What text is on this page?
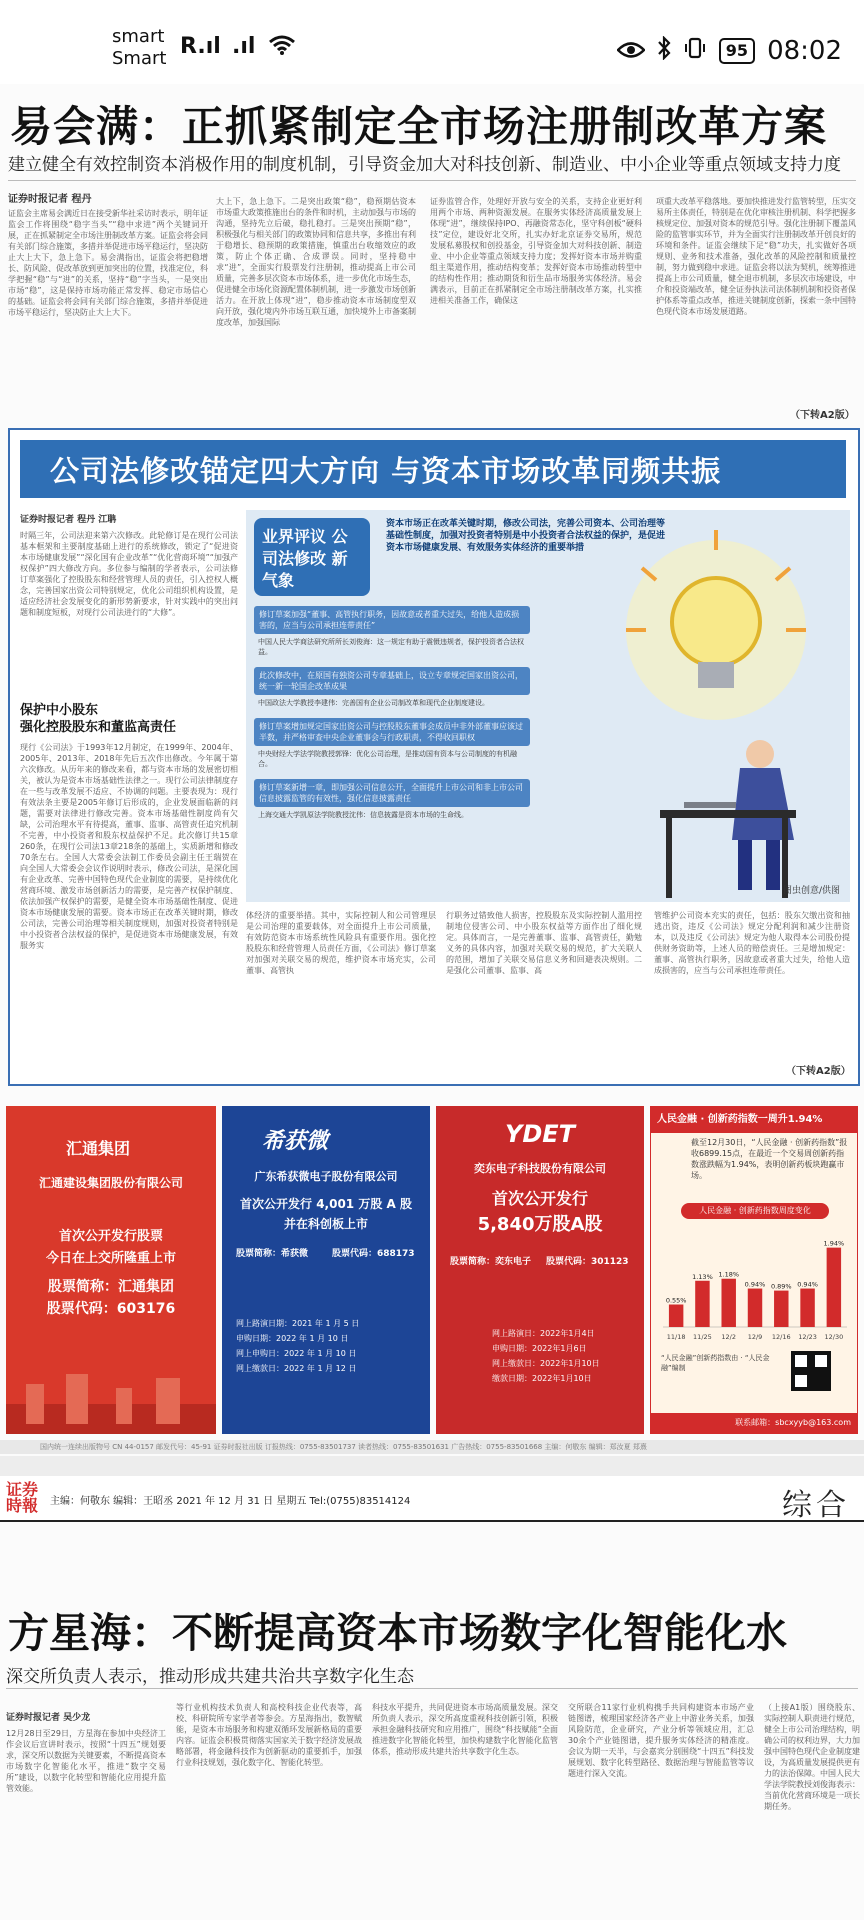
smart
Smart R.ıl .ıl	95 08:02
易会满：正抓紧制定全市场注册制改革方案
建立健全有效控制资本消极作用的制度机制，引导资金加大对科技创新、制造业、中小企业等重点领域支持力度
证券时报记者 程丹
证监会主席易会满近日在接受新华社采访时表示，明年证监会工作将围绕“稳字当头”“稳中求进”两个关键词开展，正在抓紧制定全市场注册制改革方案。证监会将会同有关部门综合施策，多措并举促进市场平稳运行，坚决防止大上大下，急上急下。易会满指出，证监会将把稳增长、防风险、促改革放到更加突出的位置，找准定位，科学把握“稳”与“进”的关系，坚持“稳”字当头，一是突出市场“稳”，这是保持市场功能正常发挥、稳定市场信心的基础。证监会将会同有关部门综合施策，多措并举促进市场平稳运行，坚决防止大上大下。
大上下，急上急下。二是突出政策“稳”，稳预期估资本市场重大政策推施出台的条件和时机，主动加强与市场的沟通，坚持先立后破，稳扎稳打。三是突出预期“稳”，积极强化与相关部门的政策协同和信息共享，多推出有利于稳增长、稳预期的政策措施，慎重出台收缩效应的政策，防止个体正确、合成谬误。同时，坚持稳中求“进”，全面实行股票发行注册制，推动提高上市公司质量，完善多层次资本市场体系，进一步优化市场生态，促进健全市场化资源配置体制机制，进一步激发市场创新活力。在开放上体现“进”，稳步推动资本市场制度型双向开放，强化境内外市场互联互通，加快境外上市备案制度改革，加强国际
证券监管合作，处理好开放与安全的关系，支持企业更好利用两个市场、两种资源发展。在服务实体经济高质量发展上体现“进”，继续保持IPO、再融资常态化，坚守科创板“硬科技”定位，建设好北交所，扎实办好北京证券交易所，规范发展私募股权和创投基金，引导资金加大对科技创新、制造业、中小企业等重点领域支持力度；发挥好资本市场并购重组主渠道作用，推动结构变革；发挥好资本市场推动转型中的结构性作用；推动期货和衍生品市场服务实体经济。易会满表示，目前正在抓紧制定全市场注册制改革方案，扎实推进相关准备工作，确保这
项重大改革平稳落地。要加快推进发行监管转型，压实交易所主体责任，特别是在优化审核注册机制、科学把握多核规定位、加强对资本的规范引导。强化注册制下覆盖风险的监管事实环节，并为全面实行注册制改革开创良好的环境和条件。证监会继续下足“稳”功夫，扎实做好各项规则、业务和技术准备，强化改革的风险控制和质量控制，努力做到稳中求进。证监会将以法为契机，统筹推进提高上市公司质量，健全退市机制，多层次市场建设，中介和投资端改革，健全证券执法司法体制机制和投资者保护体系等重点改革，推进关键制度创新，探索一条中国特色现代资本市场发展道路。
（下转A2版）
公司法修改锚定四大方向 与资本市场改革同频共振
证券时报记者 程丹 江聃
时隔三年，公司法迎来第六次修改。此轮修订是在现行公司法基本框架和主要制度基础上进行的系统修改，锁定了“促进资本市场健康发展”“深化国有企业改革”“优化营商环境”“加强产权保护”四大修改方向。多位参与编制的学者表示，公司法修订草案强化了控股股东和经营管理人员的责任，引入控权人概念，完善国家出资公司特别规定，优化公司组织机构设置，是适应经济社会发展变化的新形势新要求，针对实践中的突出问题和制度短板，对现行公司法进行的“大修”。
保护中小股东
强化控股股东和董监高责任
现行《公司法》于1993年12月制定，在1999年、2004年、2005年、2013年、2018年先后五次作出修改。今年属于第六次修改。从历年来的修改来看，都与资本市场的发展密切相关，被认为是资本市场基础性法律之一。现行公司法律制度存在一些与改革发展不适应、不协调的问题。主要表现为：现行有效法条主要是2005年修订后形成的，企业发展面临新的问题，需要对法律进行修改完善。资本市场基础性制度尚有欠缺，公司治理水平有待提高，董事、监事、高管责任追究机制不完善，中小投资者和股东权益保护不足。此次修订共15章260条，在现行公司法13章218条的基础上，实质新增和修改70条左右。全国人大常委会法制工作委员会副主任王瑞贺在向全国人大常委会会议作说明时表示，修改公司法，是深化国有企业改革、完善中国特色现代企业制度的需要，是持续优化营商环境、激发市场创新活力的需要，是完善产权保护制度、依法加强产权保护的需要，是健全资本市场基础性制度、促进资本市场健康发展的需要。资本市场正在改革关键时期，修改公司法，完善公司治理等相关制度规则，加强对投资者特别是中小投资者合法权益的保护，是促进资本市场健康发展，有效服务实
业界评议 公司法修改 新气象
资本市场正在改革关键时期，修改公司法，完善公司资本、公司治理等基础性制度，加强对投资者特别是中小投资者合法权益的保护，是促进资本市场健康发展、有效服务实体经济的重要举措
修订草案加强“董事、高管执行职务，因故意或者重大过失，给他人造成损害的，应当与公司承担连带责任”
中国人民大学商法研究所所长刘俊海：这一规定有助于震慑违规者，保护投资者合法权益。
此次修改中，在原国有独资公司专章基础上，设立专章规定国家出资公司，统一新一轮国企改革成果
中国政法大学教授李建伟：完善国有企业公司制改革和现代企业制度建设。
修订草案增加规定国家出资公司与控股股东董事会成员中非外部董事应该过半数，并严格审查中央企业董事会与行政职责，不得收回职权
中央财经大学法学院教授郭锋：优化公司治理，是推动国有资本与公司制度的有机融合。
修订草案新增一章，即加强公司信息公开，全面提升上市公司和非上市公司信息披露监管的有效性，强化信息披露责任
上海交通大学凯原法学院教授沈伟：信息披露是资本市场的生命线。
图虫创意/供图
体经济的重要举措。其中，实际控制人和公司管理层是公司治理的重要载体，对全面提升上市公司质量，有效防范资本市场系统性风险具有重要作用。强化控股股东和经营管理人员责任方面，《公司法》修订草案对加强对关联交易的规范，维护资本市场充实，公司董事、高管执
行职务过错致他人损害，控股股东及实际控制人滥用控制地位侵害公司、中小股东权益等方面作出了细化规定。具体而言，一是完善董事、监事、高管责任，勤勉义务的具体内容，加强对关联交易的规范，扩大关联人的范围，增加了关联交易信息义务和回避表决规则。二是强化公司董事、监事、高
管维护公司资本充实的责任，包括：股东欠缴出资和抽逃出资，违反《公司法》规定分配利润和减少注册资本，以及违反《公司法》规定为他人取得本公司股份提供财务资助等，上述人员的赔偿责任。三是增加规定：董事、高管执行职务，因故意或者重大过失，给他人造成损害的，应当与公司承担连带责任。
（下转A2版）
汇通集团
汇通建设集团股份有限公司
首次公开发行股票
今日在上交所隆重上市
股票简称：汇通集团
股票代码：603176
希获微
广东希获微电子股份有限公司
首次公开发行 4,001 万股 A 股
并在科创板上市
股票简称：希获微	股票代码：688173
网上路演日期：2021 年 1 月 5 日
申购日期：2022 年 1 月 10 日
网上申购日：2022 年 1 月 10 日
网上缴款日：2022 年 1 月 12 日
YDET
奕东电子科技股份有限公司
首次公开发行
5,840万股A股
股票简称：奕东电子 股票代码：301123
网上路演日：2022年1月4日
申购日期：2022年1月6日
网上缴款日：2022年1月10日
缴款日期：2022年1月10日
人民金融 · 创新药指数一周升1.94%
截至12月30日，“人民金融 · 创新药指数”报收6899.15点，在最近一个交易周创新药指数涨跌幅为1.94%，表明创新药板块跑赢市场。
人民金融 · 创新药指数周度变化
0.55%
11/18
1.13%
11/25
1.18%
12/2
0.94%
12/9
0.89%
12/16
0.94%
12/23
1.94%
12/30
“人民金融”创新药指数由 · “人民金融”编制
联系邮箱：sbcxyyb@163.com
国内统一连续出版物号 CN 44-0157 邮发代号：45-91 证券时报社出版 订报热线：0755-83501737 读者热线：0755-83501631 广告热线：0755-83501668 主编：何敬东 编辑：郑汝夏 郑熹
证券時報 主编：何敬东 编辑：王昭丞 2021 年 12 月 31 日 星期五 Tel:(0755)83514124	综合
方星海：不断提高资本市场数字化智能化水
深交所负责人表示，推动形成共建共治共享数字化生态
证券时报记者 吴少龙
12月28日至29日，方星海在参加中央经济工作会议后宣讲时表示，按照“十四五”规划要求，深交所以数据为关键要素，不断提高资本市场数字化智能化水平，推进“数字交易所”建设，以数字化转型和智能化应用提升监管效能。
等行业机构技术负责人和高校科技企业代表等，高校、科研院所专家学者等参会。方星海指出，数智赋能，是资本市场服务和构建双循环发展新格局的重要内容。证监会积极贯彻落实国家关于数字经济发展战略部署，将金融科技作为创新驱动的重要抓手，加强行业科技规划，强化数字化、智能化转型。
科技水平提升，共同促进资本市场高质量发展。深交所负责人表示，深交所高度重视科技创新引领，积极承担金融科技研究和应用推广，围绕“科技赋能”全面推进数字化智能化转型，加快构建数字化智能化监管体系，推动形成共建共治共享数字化生态。
交所联合11家行业机构携手共同构建资本市场产业链图谱，梳理国家经济各产业上中游业务关系，加强风险防范，企业研究，产业分析等领域应用，汇总30余个产业链图谱，提升服务实体经济的精准度。会议为期一天半，与会嘉宾分别围绕“十四五”科技发展规划、数字化转型路径、数据治理与智能监管等议题进行深入交流。
（上接A1版）围绕股东、实际控制人职责进行规范，健全上市公司治理结构，明确公司的权利边界，大力加强中国特色现代企业制度建设，为高质量发展提供更有力的法治保障。中国人民大学法学院教授刘俊海表示：当前优化营商环境是一项长期任务。
